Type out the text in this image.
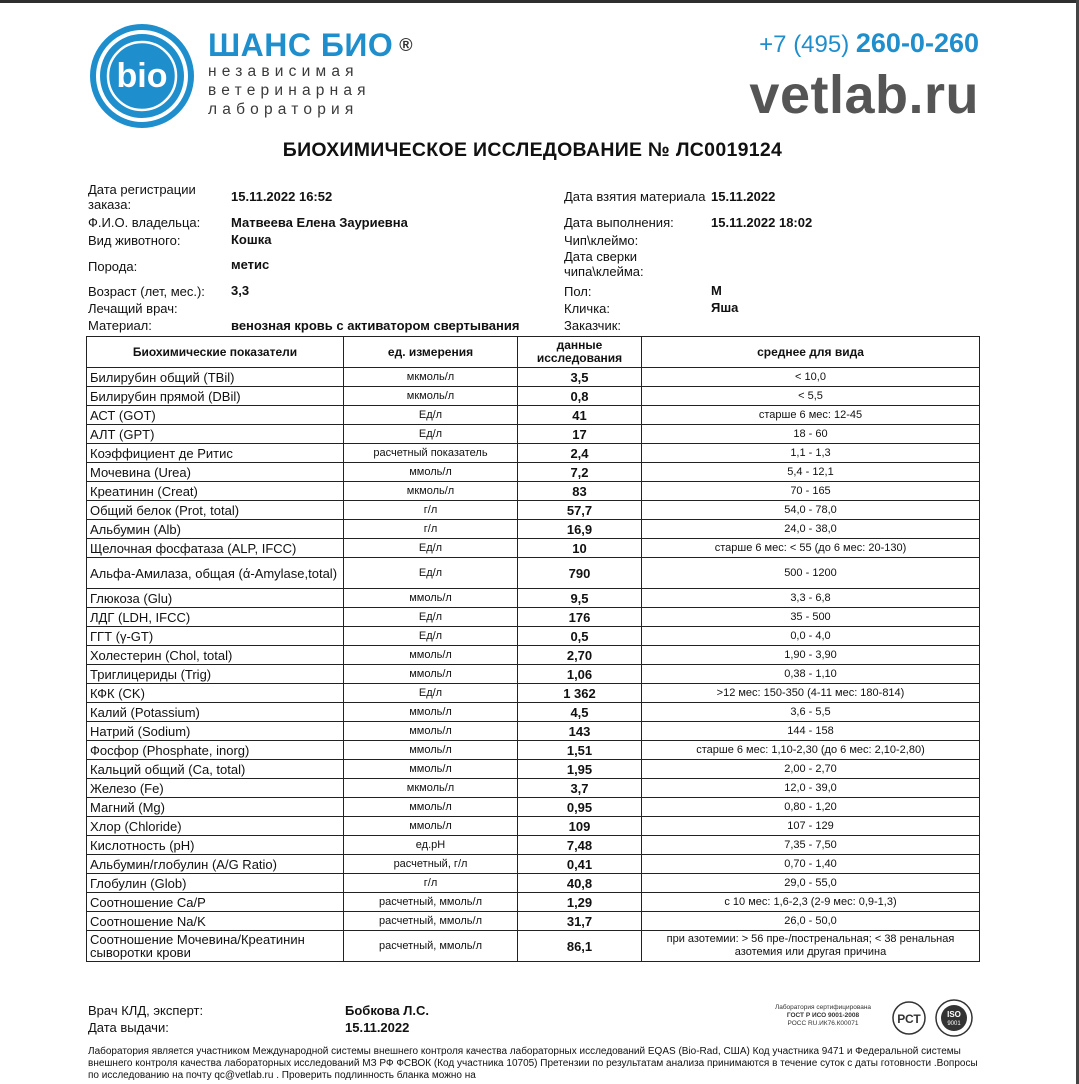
bio
ШАНС БИО ®
независимая
ветеринарная
лаборатория
+7 (495) 260-0-260
vetlab.ru
БИОХИМИЧЕСКОЕ ИССЛЕДОВАНИЕ № ЛС0019124
Дата регистрации заказа:
15.11.2022 16:52
Ф.И.О. владельца: Матвеева Елена Зауриевна
Вид животного:	Кошка
Порода:	метис
Возраст (лет, мес.): 3,3
Лечащий врач:
Материал:	венозная кровь с активатором свертывания
Дата взятия материала 15.11.2022
Дата выполнения:	15.11.2022 18:02
Чип\клеймо:
Дата сверки чипа\клейма:
Пол:	М
Кличка:	Яша
Заказчик:
Биохимические показатели	ед. измерения	данные исследования	среднее для вида
Билирубин общий (TBil)	мкмоль/л	3,5	< 10,0
Билирубин прямой (DBil)	мкмоль/л	0,8	< 5,5
АСТ (GOT)	Ед/л	41	старше 6 мес: 12-45
АЛТ (GPT)	Ед/л	17	18 - 60
Коэффициент де Ритис	расчетный показатель	2,4	1,1 - 1,3
Мочевина (Urea)	ммоль/л	7,2	5,4 - 12,1
Креатинин (Creat)	мкмоль/л	83	70 - 165
Общий белок (Prot, total)	г/л	57,7	54,0 - 78,0
Альбумин (Alb)	г/л	16,9	24,0 - 38,0
Щелочная фосфатаза (ALP, IFCC)	Ед/л	10	старше 6 мес: < 55 (до 6 мес: 20-130)
Альфа-Амилаза, общая (ά-Amylase,total)	Ед/л	790	500 - 1200
Глюкоза (Glu)	ммоль/л	9,5	3,3 - 6,8
ЛДГ (LDH, IFCC)	Ед/л	176	35 - 500
ГГТ (γ-GT)	Ед/л	0,5	0,0 - 4,0
Холестерин (Chol, total)	ммоль/л	2,70	1,90 - 3,90
Триглицериды (Trig)	ммоль/л	1,06	0,38 - 1,10
КФК (CK)	Ед/л	1 362	>12 мес: 150-350 (4-11 мес: 180-814)
Калий (Potassium)	ммоль/л	4,5	3,6 - 5,5
Натрий (Sodium)	ммоль/л	143	144 - 158
Фосфор (Phosphate, inorg)	ммоль/л	1,51	старше 6 мес: 1,10-2,30 (до 6 мес: 2,10-2,80)
Кальций общий (Ca, total)	ммоль/л	1,95	2,00 - 2,70
Железо (Fe)	мкмоль/л	3,7	12,0 - 39,0
Магний (Mg)	ммоль/л	0,95	0,80 - 1,20
Хлор (Chloride)	ммоль/л	109	107 - 129
Кислотность (pH)	ед.pH	7,48	7,35 - 7,50
Альбумин/глобулин (A/G Ratio)	расчетный, г/л	0,41	0,70 - 1,40
Глобулин (Glob)	г/л	40,8	29,0 - 55,0
Соотношение Ca/P	расчетный, ммоль/л	1,29	с 10 мес: 1,6-2,3 (2-9 мес: 0,9-1,3)
Соотношение Na/K	расчетный, ммоль/л	31,7	26,0 - 50,0
Соотношение Мочевина/Креатинин сыворотки крови	расчетный, ммоль/л	86,1	при азотемии: > 56 пре-/постренальная; < 38 ренальная азотемия или другая причина
Врач КЛД, эксперт:	Бобкова Л.С.
Дата выдачи:	15.11.2022
Лаборатория сертифицирована
ГОСТ Р ИСО 9001-2008
РОСС RU.ИК76.К00071	РСТ	ISO
9001
Лаборатория является участником Международной системы внешнего контроля качества лабораторных исследований EQAS (Bio-Rad, США) Код участника 9471 и Федеральной системы внешнего контроля качества лабораторных исследований МЗ РФ ФСВОК (Код участника 10705) Претензии по результатам анализа принимаются в течение суток с даты готовности .Вопросы по исследованию на почту qc@vetlab.ru . Проверить подлинность бланка можно на
